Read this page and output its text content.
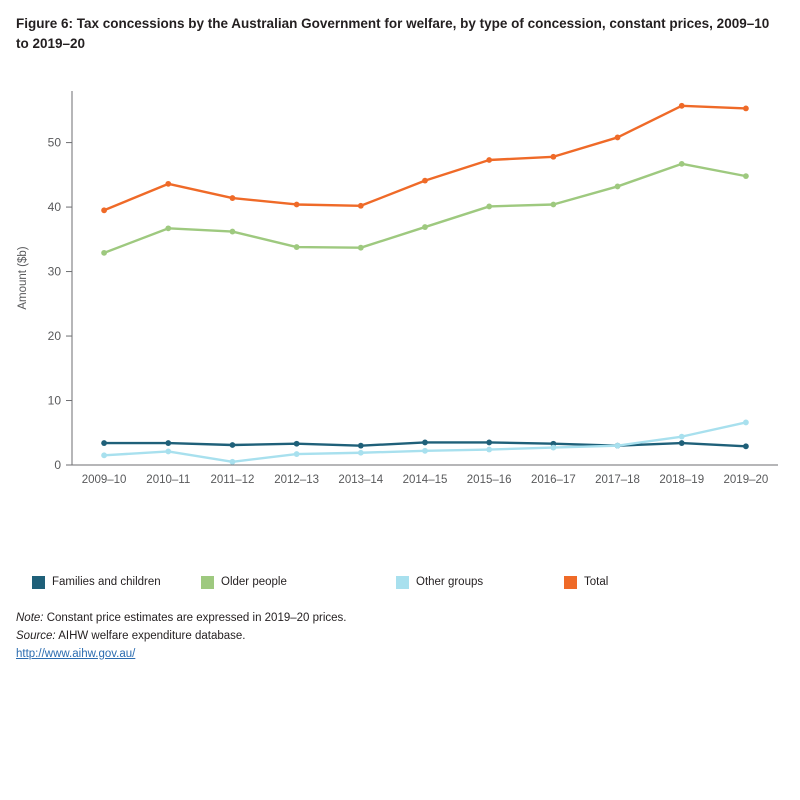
Figure 6: Tax concessions by the Australian Government for welfare, by type of concession, constant prices, 2009–10 to 2019–20
0
10
20
30
40
50
Amount ($b)
2009–10 2010–11 2011–12 2012–13 2013–14 2014–15 2015–16 2016–17 2017–18 2018–19 2019–20
Families and children	Older people	Other groups	Total
Note: Constant price estimates are expressed in 2019–20 prices.
Source: AIHW welfare expenditure database.
http://www.aihw.gov.au/
